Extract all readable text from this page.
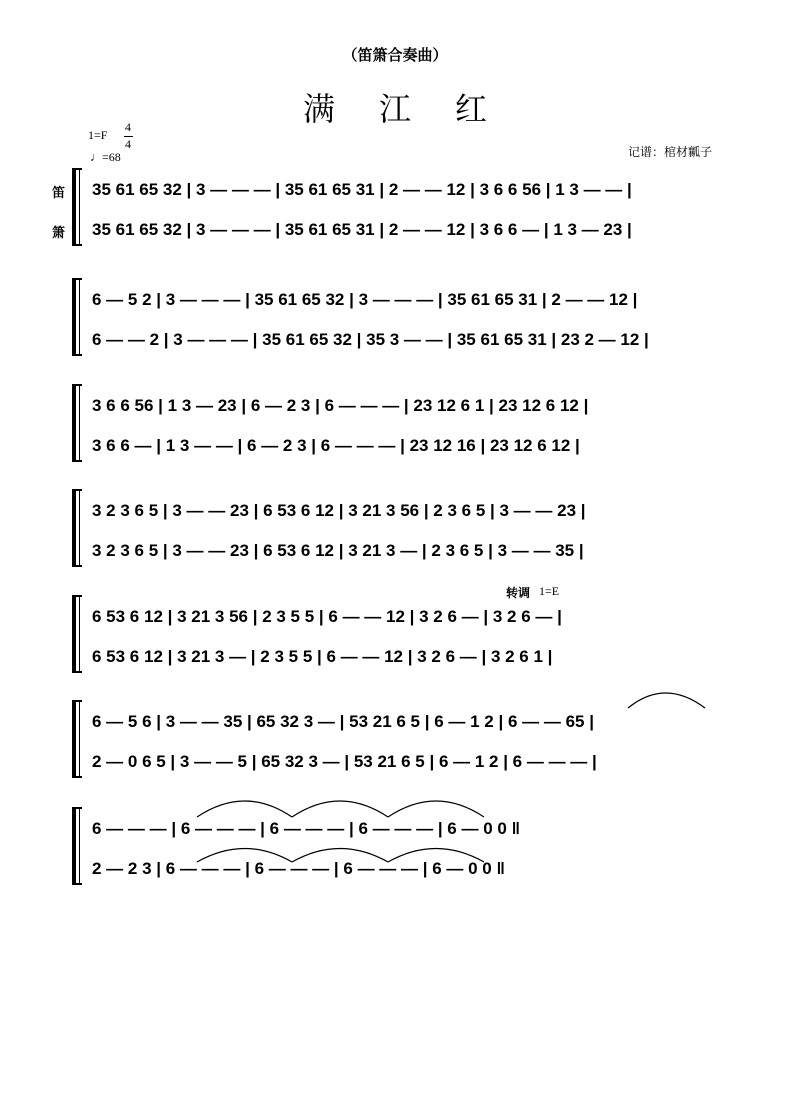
（笛箫合奏曲）
满江红
1=F
4
4
♩=68	记谱：棺材瓤子
转调 1=E
笛
箫
35 61 65 32 | 3 — — — | 35 61 65 31 | 2 — — 12 | 3 6 6 56 | 1 3 — — |
35 61 65 32 | 3 — — — | 35 61 65 31 | 2 — — 12 | 3 6 6 — | 1 3 — 23 |
6 — 5 2 | 3 — — — | 35 61 65 32 | 3 — — — | 35 61 65 31 | 2 — — 12 |
6 — — 2 | 3 — — — | 35 61 65 32 | 35 3 — — | 35 61 65 31 | 23 2 — 12 |
3 6 6 56 | 1 3 — 23 | 6 — 2 3 | 6 — — — | 23 12 6 1 | 23 12 6 12 |
3 6 6 — | 1 3 — — | 6 — 2 3 | 6 — — — | 23 12 16 | 23 12 6 12 |
3 2 3 6 5 | 3 — — 23 | 6 53 6 12 | 3 21 3 56 | 2 3 6 5 | 3 — — 23 |
3 2 3 6 5 | 3 — — 23 | 6 53 6 12 | 3 21 3 — | 2 3 6 5 | 3 — — 35 |
6 53 6 12 | 3 21 3 56 | 2 3 5 5 | 6 — — 12 | 3 2 6 — | 3 2 6 — |
6 53 6 12 | 3 21 3 — | 2 3 5 5 | 6 — — 12 | 3 2 6 — | 3 2 6 1 |
6 — 5 6 | 3 — — 35 | 65 32 3 — | 53 21 6 5 | 6 — 1 2 | 6 — — 65 |
2 — 0 6 5 | 3 — — 5 | 65 32 3 — | 53 21 6 5 | 6 — 1 2 | 6 — — — |
6 — — — | 6 — — — | 6 — — — | 6 — — — | 6 — 0 0 ‖
2 — 2 3 | 6 — — — | 6 — — — | 6 — — — | 6 — 0 0 ‖
